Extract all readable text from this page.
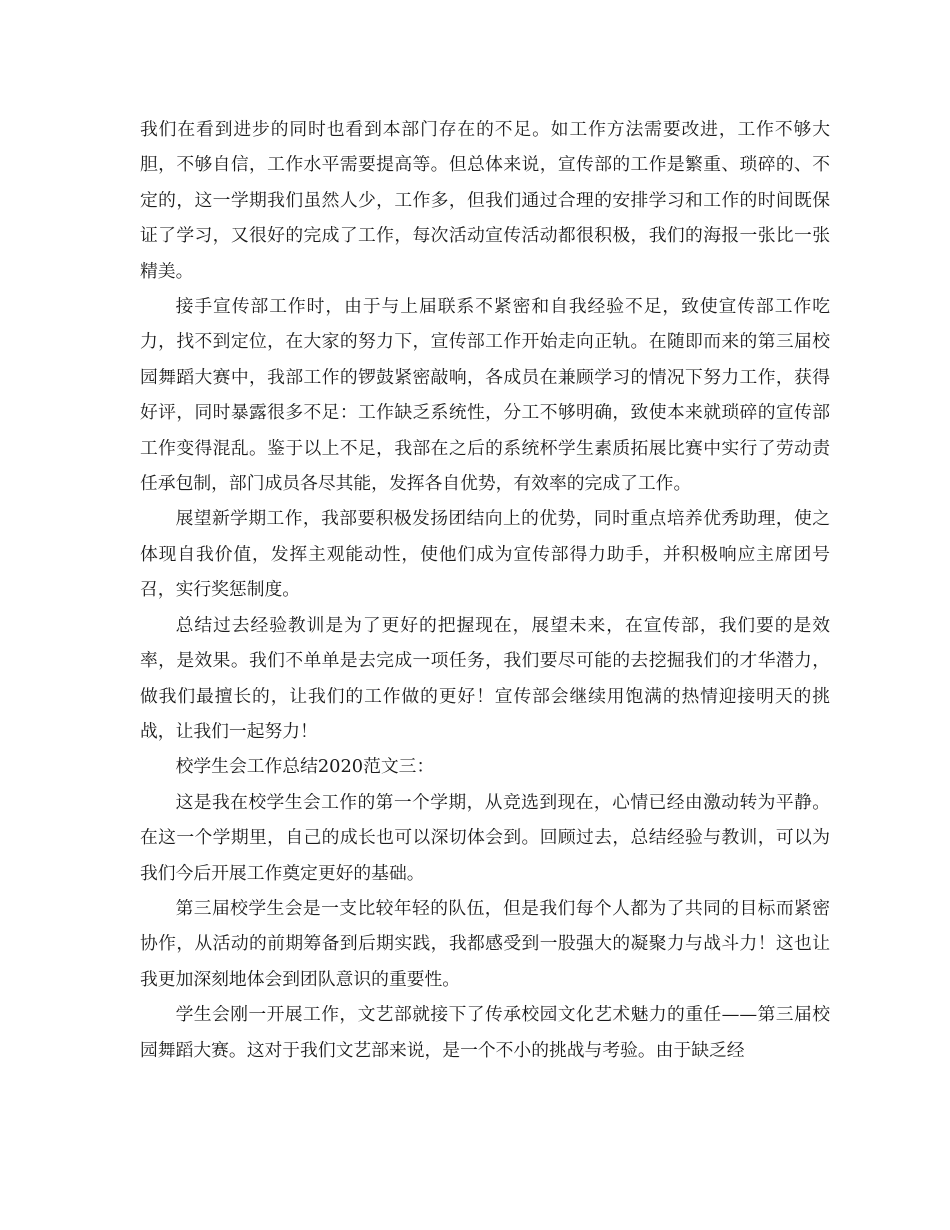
我们在看到进步的同时也看到本部门存在的不足。如工作方法需要改进，工作不够大胆，不够自信，工作水平需要提高等。但总体来说，宣传部的工作是繁重、琐碎的、不定的，这一学期我们虽然人少，工作多，但我们通过合理的安排学习和工作的时间既保证了学习，又很好的完成了工作，每次活动宣传活动都很积极，我们的海报一张比一张精美。

接手宣传部工作时，由于与上届联系不紧密和自我经验不足，致使宣传部工作吃力，找不到定位，在大家的努力下，宣传部工作开始走向正轨。在随即而来的第三届校园舞蹈大赛中，我部工作的锣鼓紧密敲响，各成员在兼顾学习的情况下努力工作，获得好评，同时暴露很多不足：工作缺乏系统性，分工不够明确，致使本来就琐碎的宣传部工作变得混乱。鉴于以上不足，我部在之后的系统杯学生素质拓展比赛中实行了劳动责任承包制，部门成员各尽其能，发挥各自优势，有效率的完成了工作。

展望新学期工作，我部要积极发扬团结向上的优势，同时重点培养优秀助理，使之体现自我价值，发挥主观能动性，使他们成为宣传部得力助手，并积极响应主席团号召，实行奖惩制度。

总结过去经验教训是为了更好的把握现在，展望未来，在宣传部，我们要的是效率，是效果。我们不单单是去完成一项任务，我们要尽可能的去挖掘我们的才华潜力，做我们最擅长的，让我们的工作做的更好！宣传部会继续用饱满的热情迎接明天的挑战，让我们一起努力！

校学生会工作总结2020范文三：

这是我在校学生会工作的第一个学期，从竞选到现在，心情已经由激动转为平静。在这一个学期里，自己的成长也可以深切体会到。回顾过去，总结经验与教训，可以为我们今后开展工作奠定更好的基础。

第三届校学生会是一支比较年轻的队伍，但是我们每个人都为了共同的目标而紧密协作，从活动的前期筹备到后期实践，我都感受到一股强大的凝聚力与战斗力！这也让我更加深刻地体会到团队意识的重要性。

学生会刚一开展工作，文艺部就接下了传承校园文化艺术魅力的重任——第三届校园舞蹈大赛。这对于我们文艺部来说，是一个不小的挑战与考验。由于缺乏经
